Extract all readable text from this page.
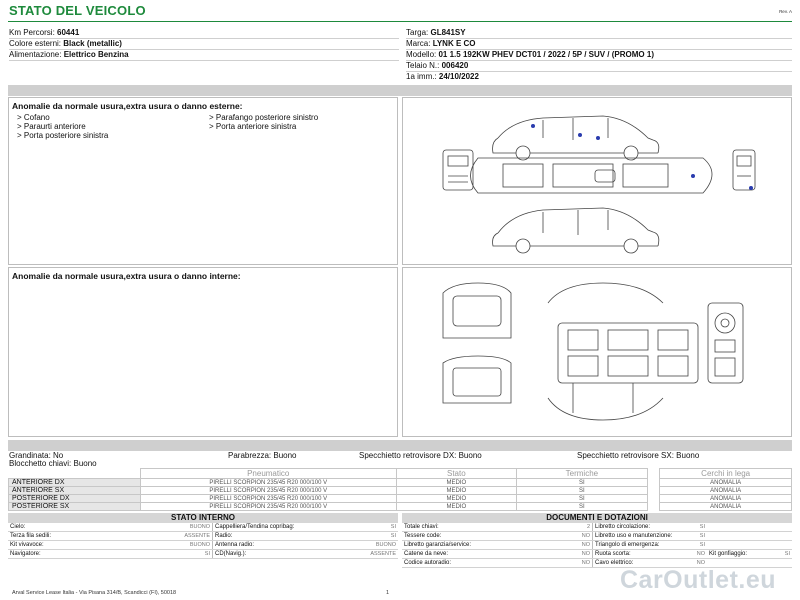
STATO DEL VEICOLO	Rev. A
Km Percorsi: 60441
Colore esterni: Black (metallic)
Alimentazione: Elettrico Benzina
Targa: GL841SY
Marca: LYNK E CO
Modello: 01 1.5 192KW PHEV DCT01 / 2022 / 5P / SUV / (PROMO 1)
Telaio N.: 006420
1a imm.: 24/10/2022
Anomalie da normale usura,extra usura o danno esterne:
> Cofano
> Paraurti anteriore
> Porta posteriore sinistra
> Parafango posteriore sinistro
> Porta anteriore sinistra
Anomalie da normale usura,extra usura o danno interne:
Grandinata: No	Parabrezza: Buono	Specchietto retrovisore DX: Buono	Specchietto retrovisore SX: Buono
Blocchetto chiavi: Buono
	Pneumatico	Stato	Termiche		Cerchi in lega
ANTERIORE DX	PIRELLI SCORPION 235/45 R20 000/100 V	MEDIO	SI		ANOMALIA
ANTERIORE SX	PIRELLI SCORPION 235/45 R20 000/100 V	MEDIO	SI		ANOMALIA
POSTERIORE DX	PIRELLI SCORPION 235/45 R20 000/100 V	MEDIO	SI		ANOMALIA
POSTERIORE SX	PIRELLI SCORPION 235/45 R20 000/100 V	MEDIO	SI		ANOMALIA
STATO INTERNO
Cielo:	BUONO	Cappelliera/Tendina copribag:	SI
Terza fila sedili:	ASSENTE	Radio:	SI
Kit vivavoce:	BUONO	Antenna radio:	BUONO
Navigatore:	SI	CD(Navig.):	ASSENTE
DOCUMENTI E DOTAZIONI
Totale chiavi:	2	Libretto circolazione:	SI		
Tessere code:	NO	Libretto uso e manutenzione:	SI		
Libretto garanzia/service:	NO	Triangolo di emergenza:	SI		
Catene da neve:	NO	Ruota scorta:	NO	Kit gonfiaggio:	SI
Codice autoradio:	NO	Cavo elettrico:	NO		
Arval Service Lease Italia - Via Pisana 314/B, Scandicci (FI), 50018	1	CarOutlet.eu
